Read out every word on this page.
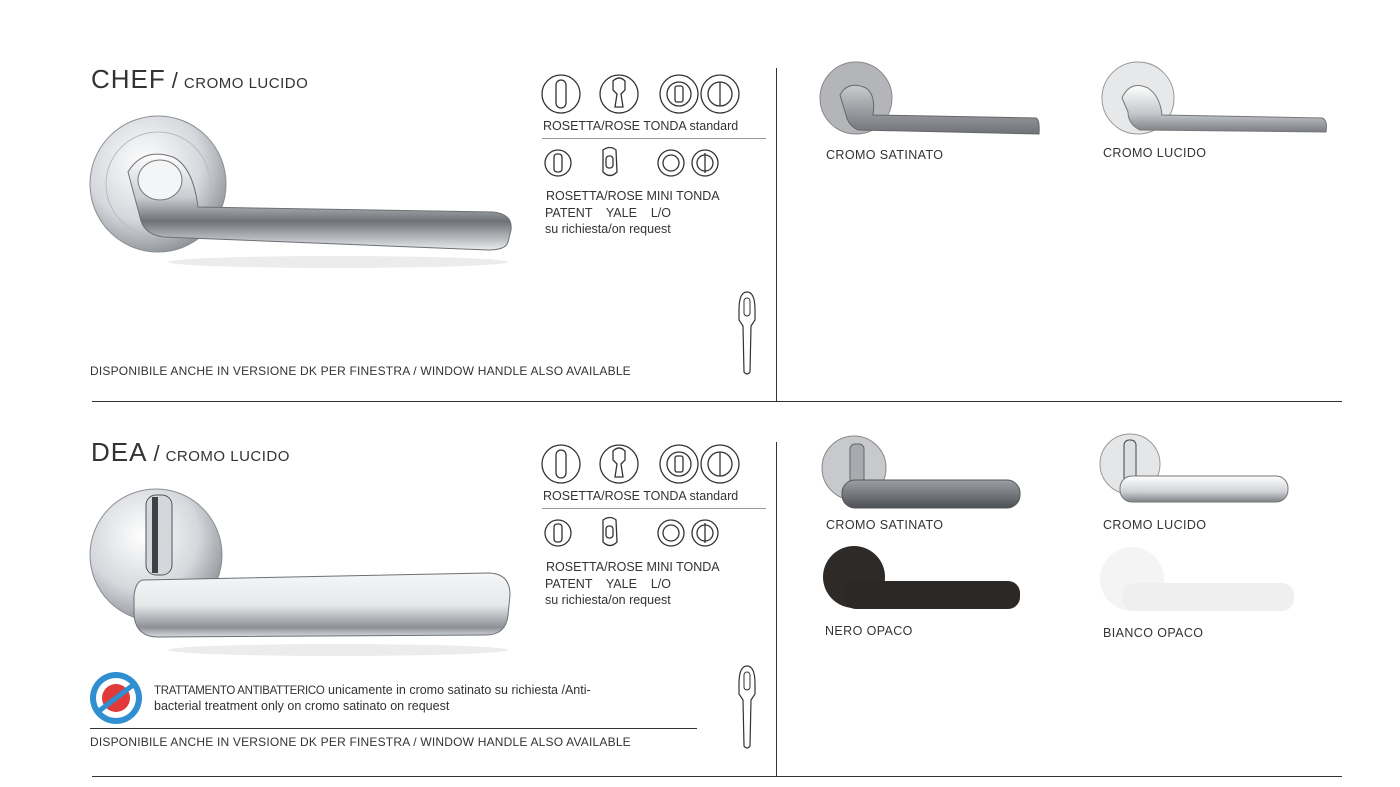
CHEF / CROMO LUCIDO
ROSETTA/ROSE TONDA standard
ROSETTA/ROSE MINI TONDA
PATENT    YALE    L/O
su richiesta/on request
DISPONIBILE ANCHE IN VERSIONE DK PER FINESTRA / WINDOW HANDLE ALSO AVAILABLE
CROMO SATINATO	CROMO LUCIDO
DEA / CROMO LUCIDO
ROSETTA/ROSE TONDA standard
ROSETTA/ROSE MINI TONDA
PATENT    YALE    L/O
su richiesta/on request
TRATTAMENTO ANTIBATTERICO unicamente in cromo satinato su richiesta /Anti-
bacterial treatment only on cromo satinato on request
DISPONIBILE ANCHE IN VERSIONE DK PER FINESTRA / WINDOW HANDLE ALSO AVAILABLE
CROMO SATINATO	CROMO LUCIDO
NERO OPACO	BIANCO OPACO
